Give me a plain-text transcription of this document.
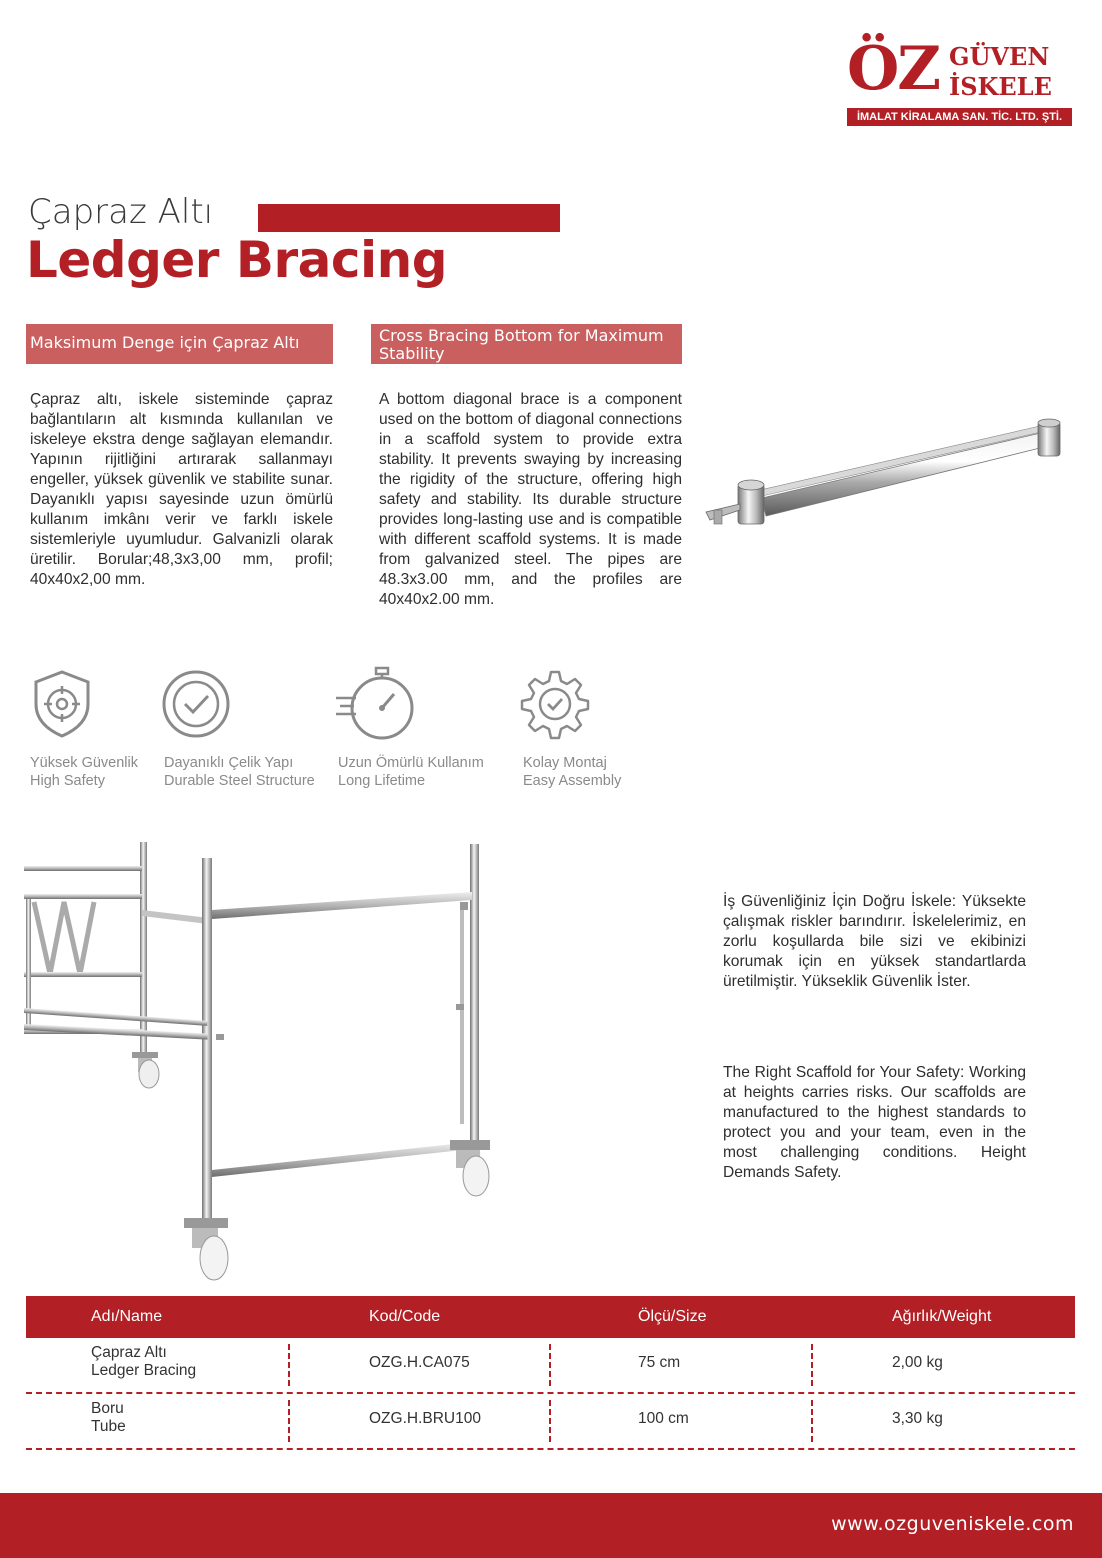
ÖZ GÜVEN
İSKELE
İMALAT KİRALAMA SAN. TİC. LTD. ŞTİ.
Çapraz Altı
Ledger Bracing
Maksimum Denge için Çapraz Altı	Cross Bracing Bottom for Maximum Stability
Çapraz altı, iskele sisteminde çapraz bağlantıların alt kısmında kullanılan ve iskeleye ekstra denge sağlayan elemandır. Yapının rijitliğini artırarak sallanmayı engeller, yüksek güvenlik ve stabilite sunar. Dayanıklı yapısı sayesinde uzun ömürlü kullanım imkânı verir ve farklı iskele sistemleriyle uyumludur. Galvanizli olarak üretilir. Borular;48,3x3,00 mm, profil; 40x40x2,00 mm.
A bottom diagonal brace is a component used on the bottom of diagonal connections in a scaffold system to provide extra stability. It prevents swaying by increasing the rigidity of the structure, offering high safety and stability. Its durable structure provides long-lasting use and is compatible with different scaffold systems. It is made from galvanized steel. The pipes are 48.3x3.00 mm, and the profiles are 40x40x2.00 mm.
Yüksek Güvenlik
High Safety
Dayanıklı Çelik Yapı
Durable Steel Structure
Uzun Ömürlü Kullanım
Long Lifetime
Kolay Montaj
Easy Assembly
İş Güvenliğiniz İçin Doğru İskele: Yüksekte çalışmak riskler barındırır. İskelelerimiz, en zorlu koşullarda bile sizi ve ekibinizi korumak için en yüksek standartlarda üretilmiştir. Yükseklik Güvenlik İster.
The Right Scaffold for Your Safety: Working at heights carries risks. Our scaffolds are manufactured to the highest standards to protect you and your team, even in the most challenging conditions. Height Demands Safety.
Adı/Name	Kod/Code	Ölçü/Size	Ağırlık/Weight
Çapraz Altı
Ledger Bracing	OZG.H.CA075	75 cm	2,00 kg
Boru
Tube	OZG.H.BRU100	100 cm	3,30 kg
www.ozguveniskele.com
